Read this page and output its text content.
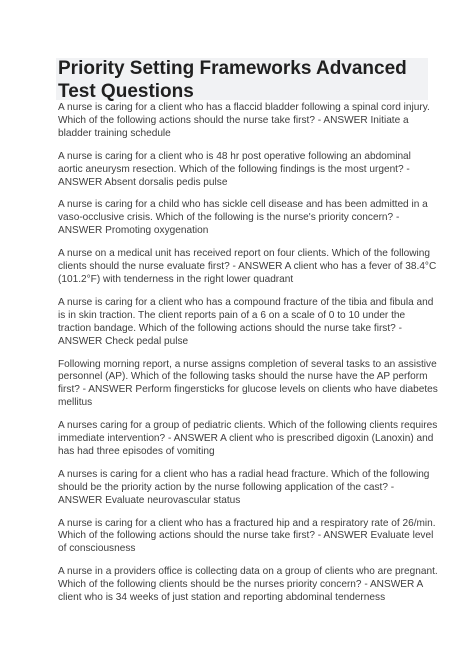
Priority Setting Frameworks Advanced Test Questions

A nurse is caring for a client who has a flaccid bladder following a spinal cord injury. Which of the following actions should the nurse take first? - ANSWER Initiate a bladder training schedule

A nurse is caring for a client who is 48 hr post operative following an abdominal aortic aneurysm resection. Which of the following findings is the most urgent? - ANSWER Absent dorsalis pedis pulse

A nurse is caring for a child who has sickle cell disease and has been admitted in a vaso-occlusive crisis. Which of the following is the nurse's priority concern? - ANSWER Promoting oxygenation

A nurse on a medical unit has received report on four clients. Which of the following clients should the nurse evaluate first? - ANSWER A client who has a fever of 38.4°C (101.2°F) with tenderness in the right lower quadrant

A nurse is caring for a client who has a compound fracture of the tibia and fibula and is in skin traction. The client reports pain of a 6 on a scale of 0 to 10 under the traction bandage. Which of the following actions should the nurse take first? - ANSWER Check pedal pulse

Following morning report, a nurse assigns completion of several tasks to an assistive personnel (AP). Which of the following tasks should the nurse have the AP perform first? - ANSWER Perform fingersticks for glucose levels on clients who have diabetes mellitus

A nurses caring for a group of pediatric clients. Which of the following clients requires immediate intervention? - ANSWER A client who is prescribed digoxin (Lanoxin) and has had three episodes of vomiting

A nurses is caring for a client who has a radial head fracture. Which of the following should be the priority action by the nurse following application of the cast? - ANSWER Evaluate neurovascular status

A nurse is caring for a client who has a fractured hip and a respiratory rate of 26/min. Which of the following actions should the nurse take first? - ANSWER Evaluate level of consciousness

A nurse in a providers office is collecting data on a group of clients who are pregnant. Which of the following clients should be the nurses priority concern? - ANSWER A client who is 34 weeks of just station and reporting abdominal tenderness
